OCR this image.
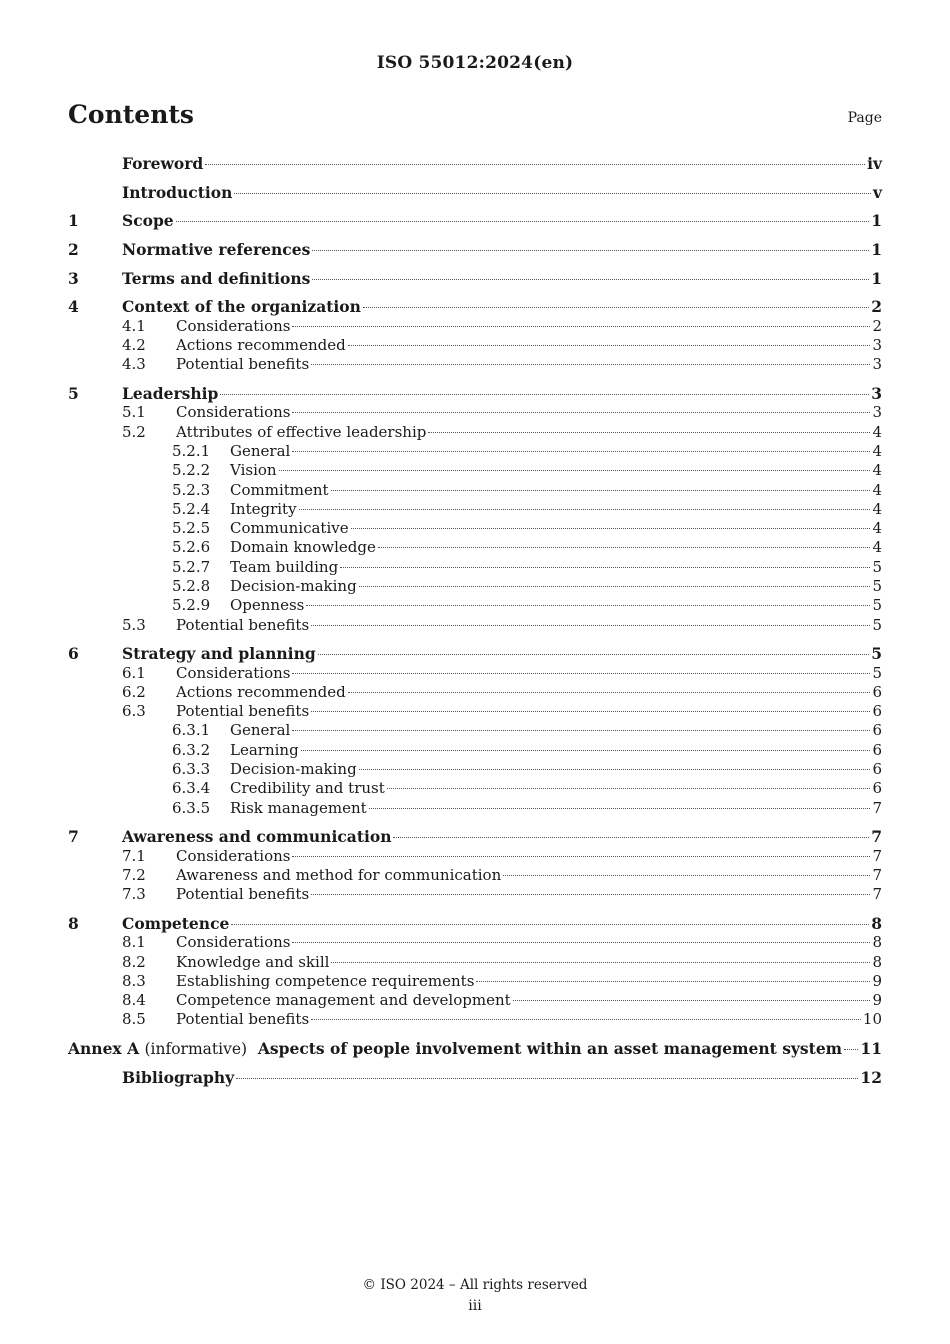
ISO 55012:2024(en)
Contents	Page
Foreword	iv
Introduction	v
1	Scope	1
2	Normative references	1
3	Terms and definitions	1
4	Context of the organization	2
4.1	Considerations	2
4.2	Actions recommended	3
4.3	Potential benefits	3
5	Leadership	3
5.1	Considerations	3
5.2	Attributes of effective leadership	4
5.2.1	General	4
5.2.2	Vision	4
5.2.3	Commitment	4
5.2.4	Integrity	4
5.2.5	Communicative	4
5.2.6	Domain knowledge	4
5.2.7	Team building	5
5.2.8	Decision-making	5
5.2.9	Openness	5
5.3	Potential benefits	5
6	Strategy and planning	5
6.1	Considerations	5
6.2	Actions recommended	6
6.3	Potential benefits	6
6.3.1	General	6
6.3.2	Learning	6
6.3.3	Decision-making	6
6.3.4	Credibility and trust	6
6.3.5	Risk management	7
7	Awareness and communication	7
7.1	Considerations	7
7.2	Awareness and method for communication	7
7.3	Potential benefits	7
8	Competence	8
8.1	Considerations	8
8.2	Knowledge and skill	8
8.3	Establishing competence requirements	9
8.4	Competence management and development	9
8.5	Potential benefits	10
Annex A (informative) Aspects of people involvement within an asset management system 11
Bibliography	12
© ISO 2024 – All rights reserved
iii
